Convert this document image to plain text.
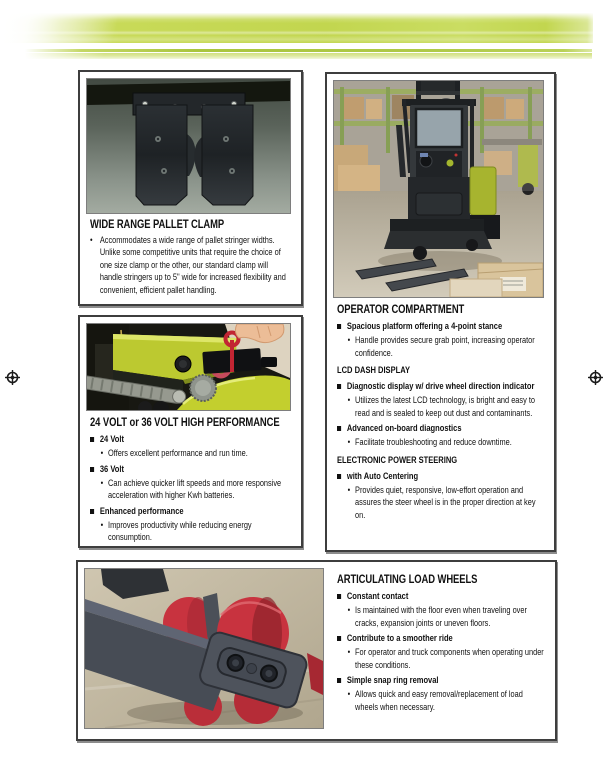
WIDE RANGE PALLET CLAMP
• Accommodates a wide range of pallet stringer widths. Unlike some competitive units that require the choice of one size clamp or the other, our standard clamp will handle stringers up to 5" wide for increased flexibility and convenient, efficient pallet handling.
24 VOLT or 36 VOLT HIGH PERFORMANCE
24 Volt
• Offers excellent performance and run time.
36 Volt
• Can achieve quicker lift speeds and more responsive acceleration with higher Kwh batteries.
Enhanced performance
• Improves productivity while reducing energy consumption.
OPERATOR COMPARTMENT
Spacious platform offering a 4-point stance
• Handle provides secure grab point, increasing operator confidence.
LCD DASH DISPLAY
Diagnostic display w/ drive wheel direction indicator
• Utilizes the latest LCD technology, is bright and easy to read and is sealed to keep out dust and contaminants.
Advanced on-board diagnostics
• Facilitate troubleshooting and reduce downtime.
ELECTRONIC POWER STEERING
with Auto Centering
• Provides quiet, responsive, low-effort operation and assures the steer wheel is in the proper direction at key on.
ARTICULATING LOAD WHEELS
Constant contact
• Is maintained with the floor even when traveling over cracks, expansion joints or uneven floors.
Contribute to a smoother ride
• For operator and truck components when operating under these conditions.
Simple snap ring removal
• Allows quick and easy removal/replacement of load wheels when necessary.
